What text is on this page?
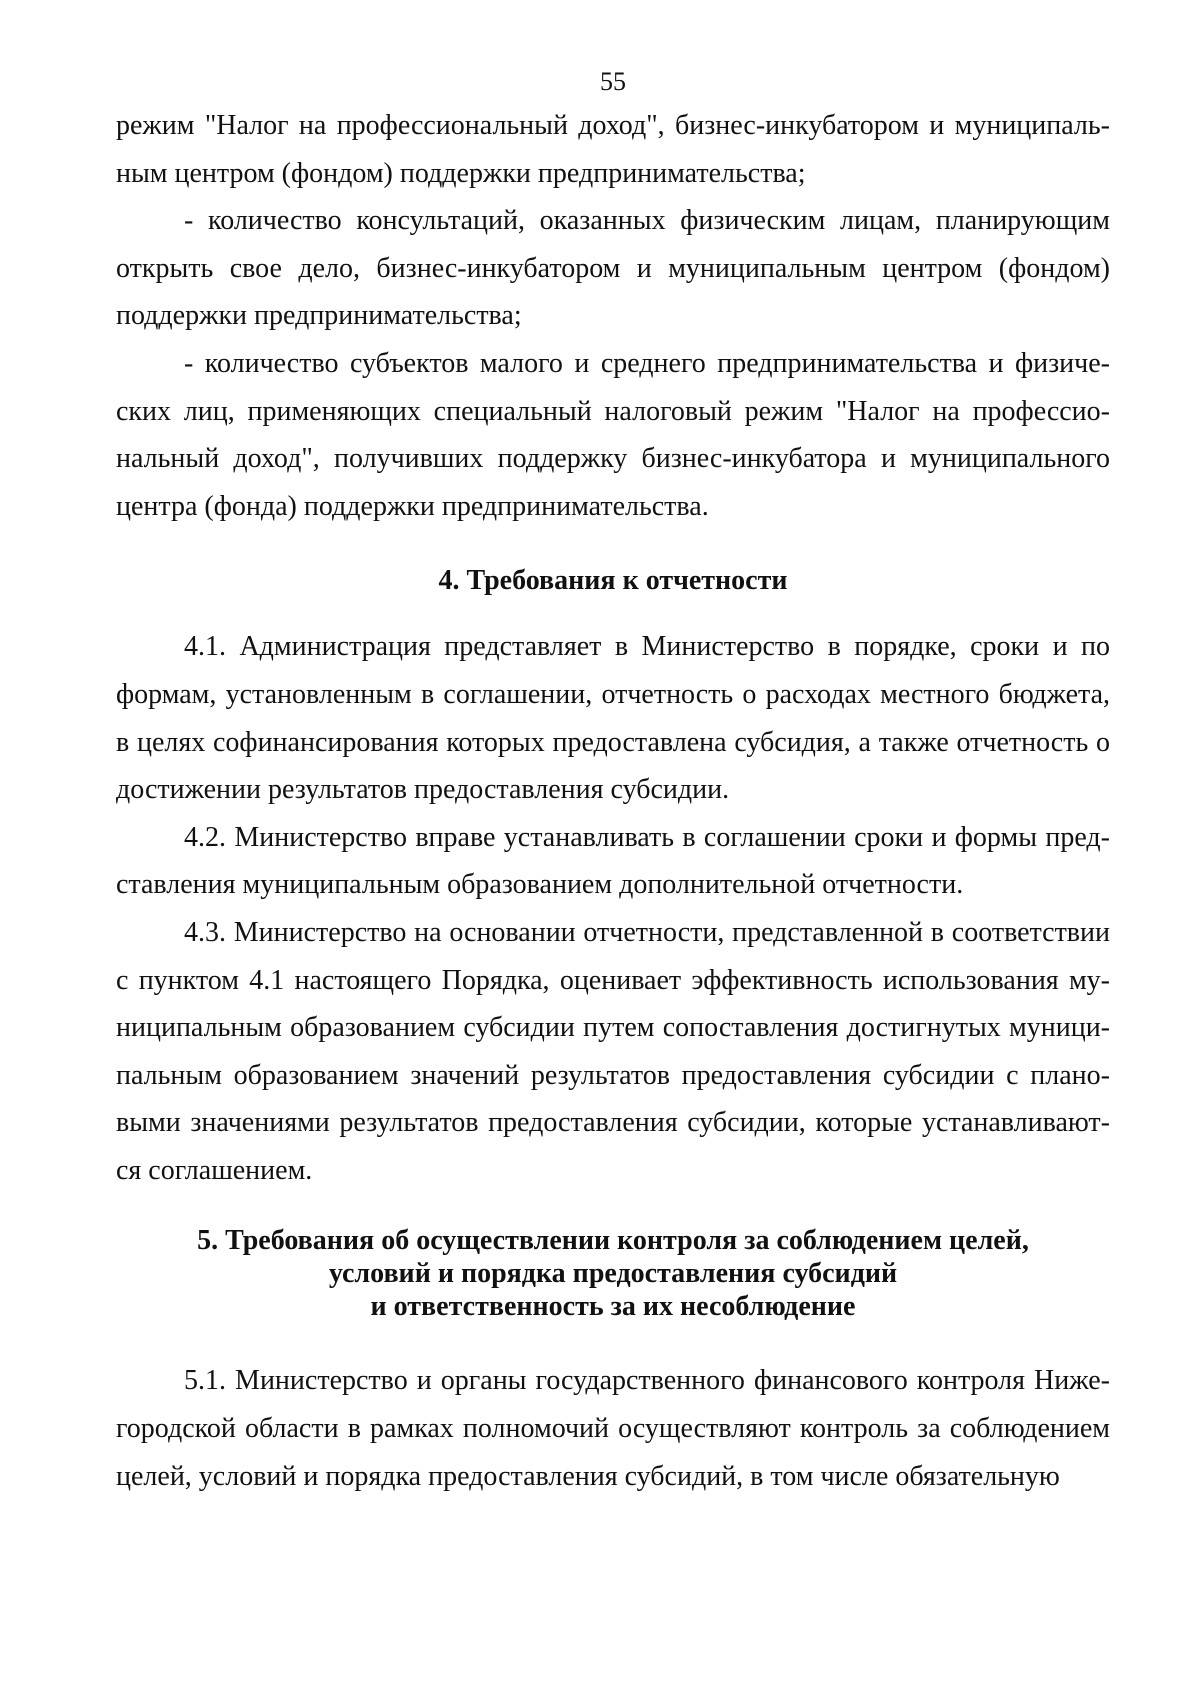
55

режим "Налог на профессиональный доход", бизнес-инкубатором и муниципальным центром (фондом) поддержки предпринимательства;

- количество консультаций, оказанных физическим лицам, планирующим открыть свое дело, бизнес-инкубатором и муниципальным центром (фондом) поддержки предпринимательства;

- количество субъектов малого и среднего предпринимательства и физических лиц, применяющих специальный налоговый режим "Налог на профессиональный доход", получивших поддержку бизнес-инкубатора и муниципального центра (фонда) поддержки предпринимательства.

4. Требования к отчетности

4.1. Администрация представляет в Министерство в порядке, сроки и по формам, установленным в соглашении, отчетность о расходах местного бюджета, в целях софинансирования которых предоставлена субсидия, а также отчетность о достижении результатов предоставления субсидии.

4.2. Министерство вправе устанавливать в соглашении сроки и формы представления муниципальным образованием дополнительной отчетности.

4.3. Министерство на основании отчетности, представленной в соответствии с пунктом 4.1 настоящего Порядка, оценивает эффективность использования муниципальным образованием субсидии путем сопоставления достигнутых муниципальным образованием значений результатов предоставления субсидии с плановыми значениями результатов предоставления субсидии, которые устанавливаются соглашением.

5. Требования об осуществлении контроля за соблюдением целей,
условий и порядка предоставления субсидий
и ответственность за их несоблюдение

5.1. Министерство и органы государственного финансового контроля Нижегородской области в рамках полномочий осуществляют контроль за соблюдением целей, условий и порядка предоставления субсидий, в том числе обязательную
